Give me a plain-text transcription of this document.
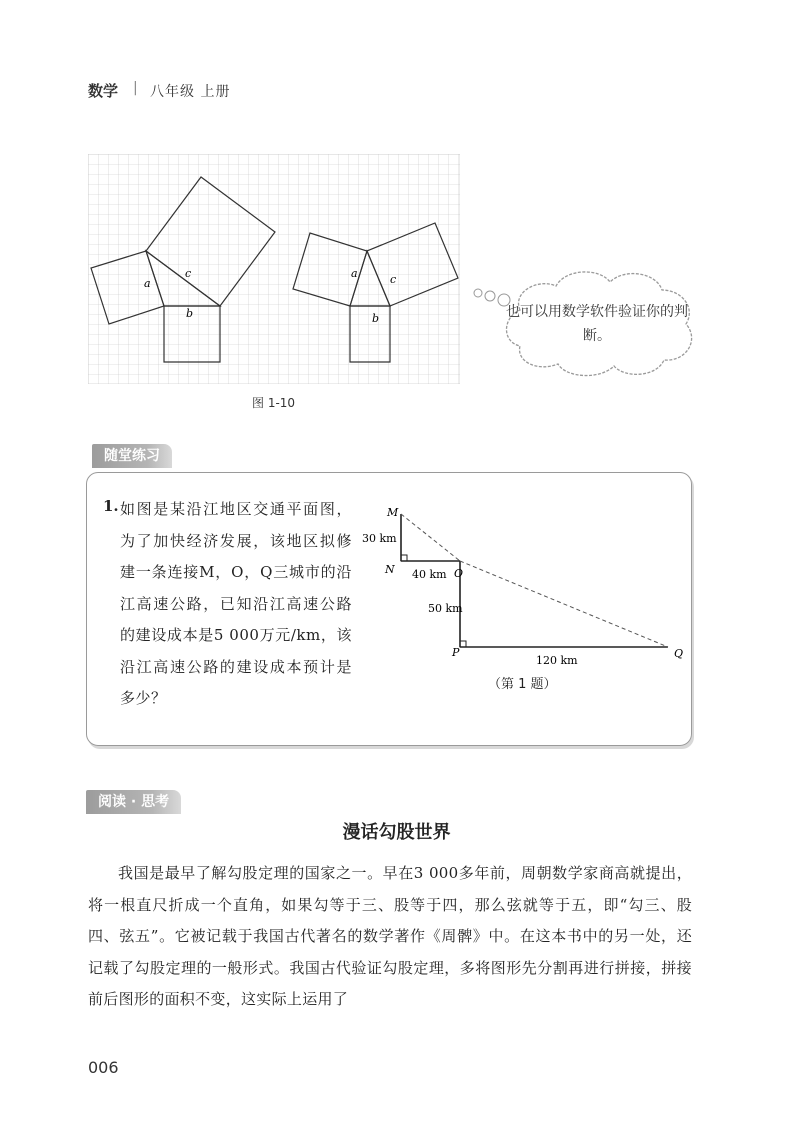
数学 | 八年级 上册
a
c
b
a	c
b
图 1-10
也可以用数学软件验证你的判断。
随堂练习
1. 如图是某沿江地区交通平面图，为了加快经济发展，该地区拟修建一条连接M，O，Q三城市的沿江高速公路，已知沿江高速公路的建设成本是5 000万元/km，该沿江高速公路的建设成本预计是多少？
M
N	O
P	Q
30 km
40 km
50 km
120 km
（第 1 题）
阅读 · 思考
漫话勾股世界

我国是最早了解勾股定理的国家之一。早在3 000多年前，周朝数学家商高就提出，将一根直尺折成一个直角，如果勾等于三、股等于四，那么弦就等于五，即“勾三、股四、弦五”。它被记载于我国古代著名的数学著作《周髀》中。在这本书中的另一处，还记载了勾股定理的一般形式。我国古代验证勾股定理，多将图形先分割再进行拼接，拼接前后图形的面积不变，这实际上运用了

006
